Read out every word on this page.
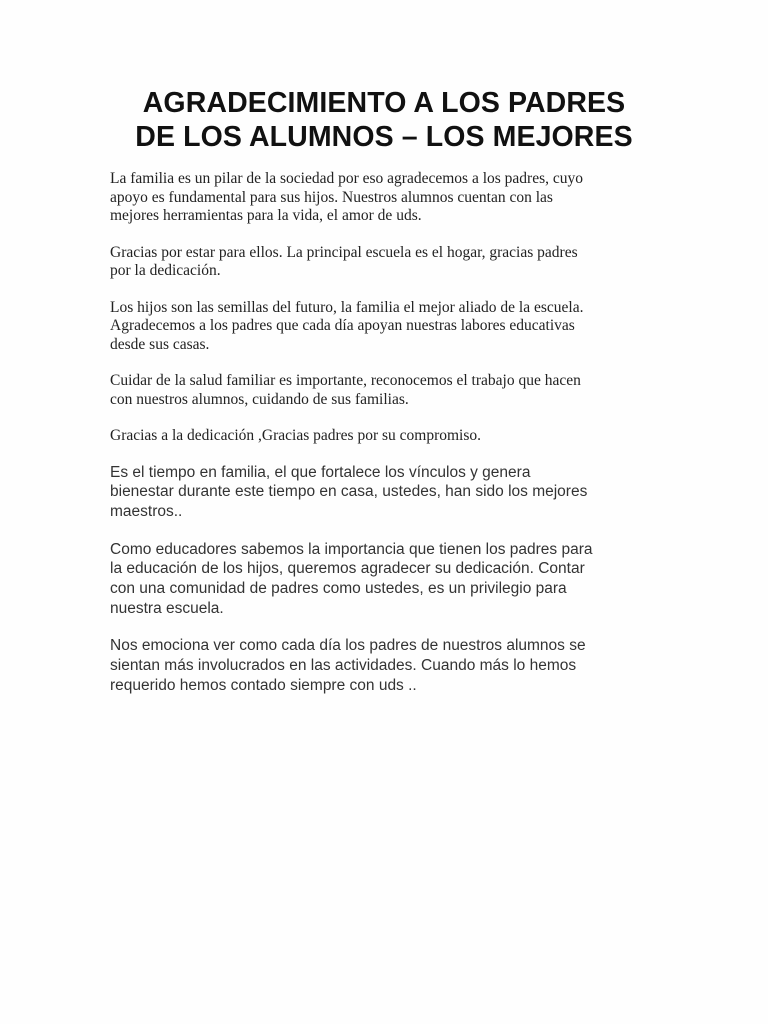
AGRADECIMIENTO A LOS PADRES
DE LOS ALUMNOS – LOS MEJORES

La familia es un pilar de la sociedad por eso agradecemos a los padres, cuyo
apoyo es fundamental para sus hijos. Nuestros alumnos cuentan con las
mejores herramientas para la vida, el amor de uds.

Gracias por estar para ellos. La principal escuela es el hogar, gracias padres
por la dedicación.

Los hijos son las semillas del futuro, la familia el mejor aliado de la escuela.
Agradecemos a los padres que cada día apoyan nuestras labores educativas
desde sus casas.

Cuidar de la salud familiar es importante, reconocemos el trabajo que hacen
con nuestros alumnos, cuidando de sus familias.

Gracias a la dedicación ,Gracias padres por su compromiso.

Es el tiempo en familia, el que fortalece los vínculos y genera
bienestar durante este tiempo en casa, ustedes, han sido los mejores
maestros..

Como educadores sabemos la importancia que tienen los padres para
la educación de los hijos, queremos agradecer su dedicación. Contar
con una comunidad de padres como ustedes, es un privilegio para
nuestra escuela.

Nos emociona ver como cada día los padres de nuestros alumnos se
sientan más involucrados en las actividades. Cuando más lo hemos
requerido hemos contado siempre con uds ..
